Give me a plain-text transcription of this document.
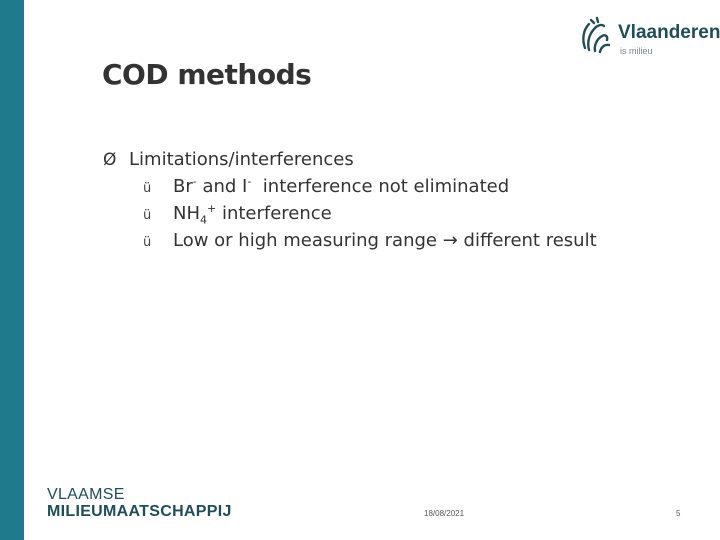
Vlaanderen
is milieu
COD methods
Ø Limitations/interferences
ü	Br- and I-  interference not eliminated
ü	$NH_4^+$ interference
ü	Low or high measuring range → different result
VLAAMSE
MILIEUMAATSCHAPPIJ	18/08/2021	5
